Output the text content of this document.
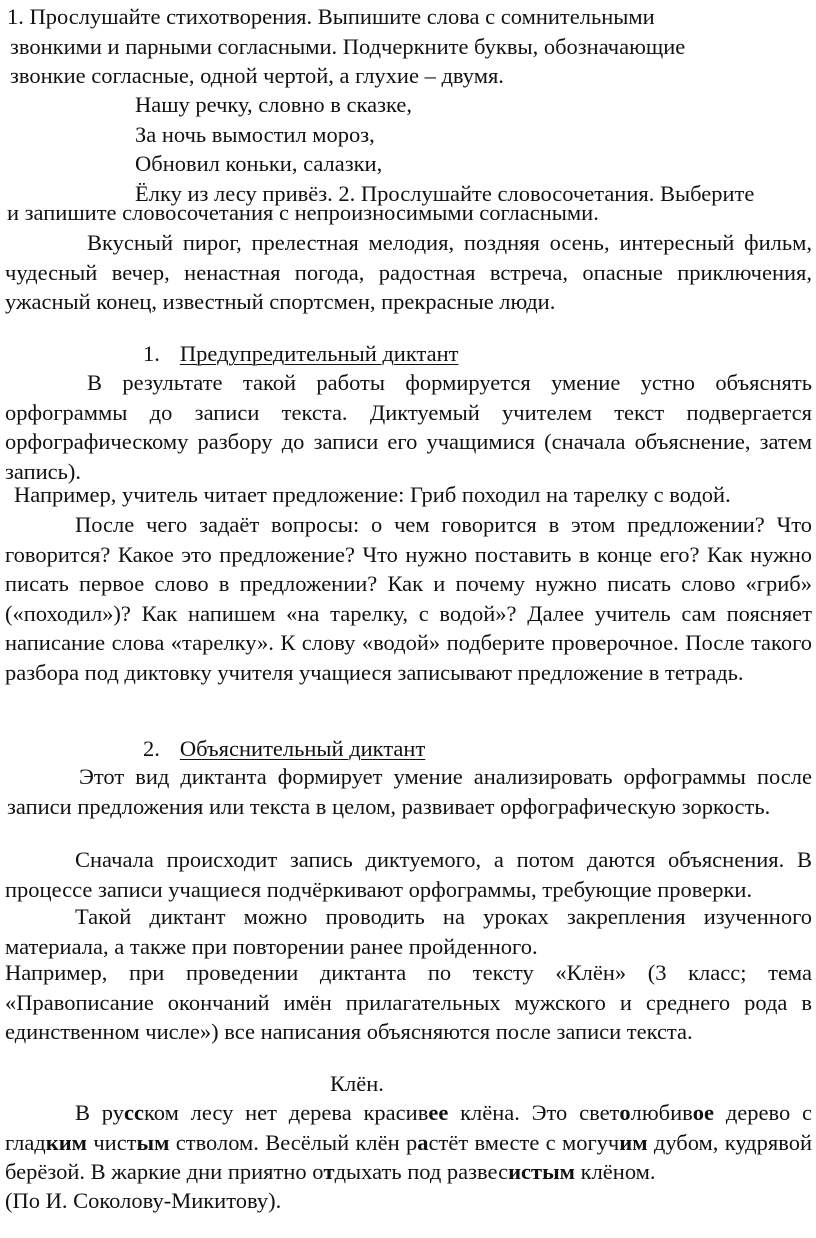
1. Прослушайте стихотворения. Выпишите слова с сомнительными
звонкими и парными согласными. Подчеркните буквы, обозначающие
звонкие согласные, одной чертой, а глухие – двумя.
Нашу речку, словно в сказке,
За ночь вымостил мороз,
Обновил коньки, салазки,
Ёлку из лесу привёз. 2. Прослушайте словосочетания. Выберите
и запишите словосочетания с непроизносимыми согласными.
Вкусный пирог, прелестная мелодия, поздняя осень, интересный фильм, чудесный вечер, ненастная погода, радостная встреча, опасные приключения, ужасный конец, известный спортсмен, прекрасные люди.
1. Предупредительный диктант
В результате такой работы формируется умение устно объяснять орфограммы до записи текста. Диктуемый учителем текст подвергается орфографическому разбору до записи его учащимися (сначала объяснение, затем запись).
Например, учитель читает предложение: Гриб походил на тарелку с водой.
После чего задаёт вопросы: о чем говорится в этом предложении? Что говорится? Какое это предложение? Что нужно поставить в конце его? Как нужно писать первое слово в предложении? Как и почему нужно писать слово «гриб» («походил»)? Как напишем «на тарелку, с водой»? Далее учитель сам поясняет написание слова «тарелку». К слову «водой» подберите проверочное. После такого разбора под диктовку учителя учащиеся записывают предложение в тетрадь.
2. Объяснительный диктант
Этот вид диктанта формирует умение анализировать орфограммы после записи предложения или текста в целом, развивает орфографическую зоркость.
Сначала происходит запись диктуемого, а потом даются объяснения. В процессе записи учащиеся подчёркивают орфограммы, требующие проверки.
Такой диктант можно проводить на уроках закрепления изученного материала, а также при повторении ранее пройденного.
Например, при проведении диктанта по тексту «Клён» (3 класс; тема «Правописание окончаний имён прилагательных мужского и среднего рода в единственном числе») все написания объясняются после записи текста.
Клён.
В русском лесу нет дерева красивее клёна. Это светолюбивое дерево с гладким чистым стволом. Весёлый клён растёт вместе с могучим дубом, кудрявой берёзой. В жаркие дни приятно отдыхать под развесистым клёном.
(По И. Соколову-Микитову).
